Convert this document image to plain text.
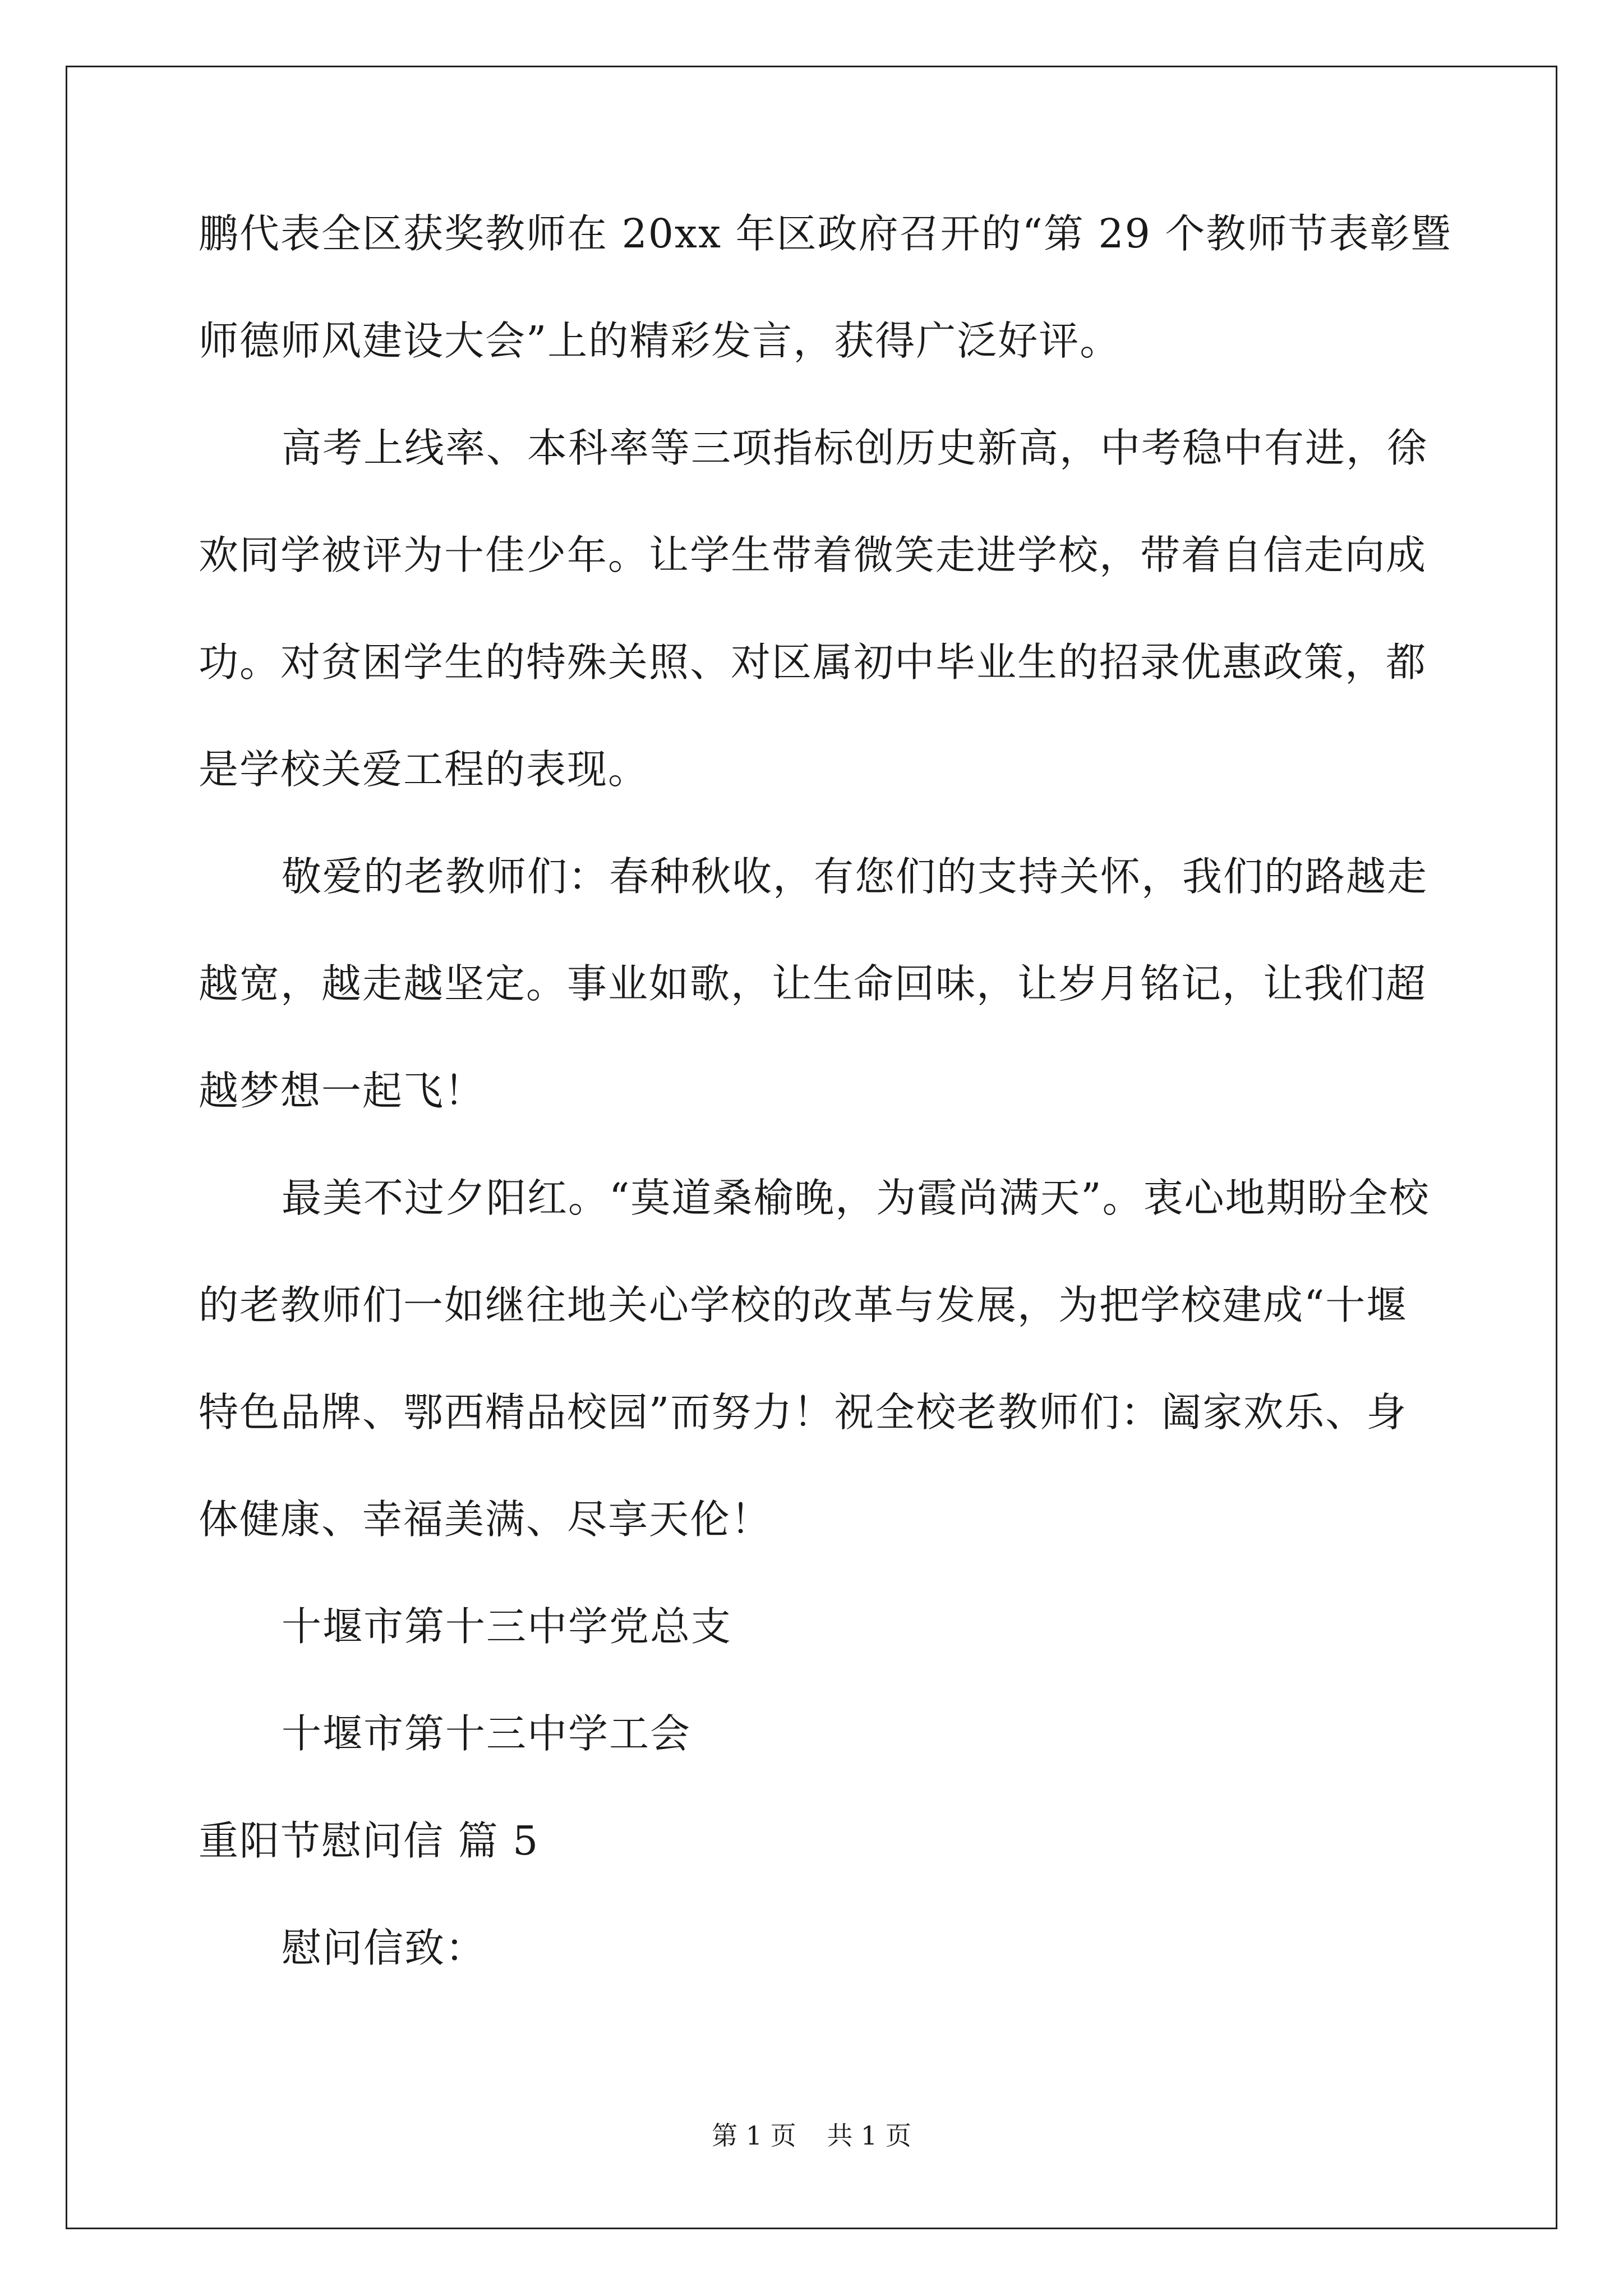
鹏代表全区获奖教师在 20xx 年区政府召开的“第 29 个教师节表彰暨
师德师风建设大会”上的精彩发言，获得广泛好评。
高考上线率、本科率等三项指标创历史新高，中考稳中有进，徐
欢同学被评为十佳少年。让学生带着微笑走进学校，带着自信走向成
功。对贫困学生的特殊关照、对区属初中毕业生的招录优惠政策，都
是学校关爱工程的表现。
敬爱的老教师们：春种秋收，有您们的支持关怀，我们的路越走
越宽，越走越坚定。事业如歌，让生命回味，让岁月铭记，让我们超
越梦想一起飞！
最美不过夕阳红。“莫道桑榆晚，为霞尚满天”。衷心地期盼全校
的老教师们一如继往地关心学校的改革与发展，为把学校建成“十堰
特色品牌、鄂西精品校园”而努力！祝全校老教师们：阖家欢乐、身
体健康、幸福美满、尽享天伦！
十堰市第十三中学党总支
十堰市第十三中学工会
重阳节慰问信 篇 5
慰问信致：
第 1 页 共 1 页
